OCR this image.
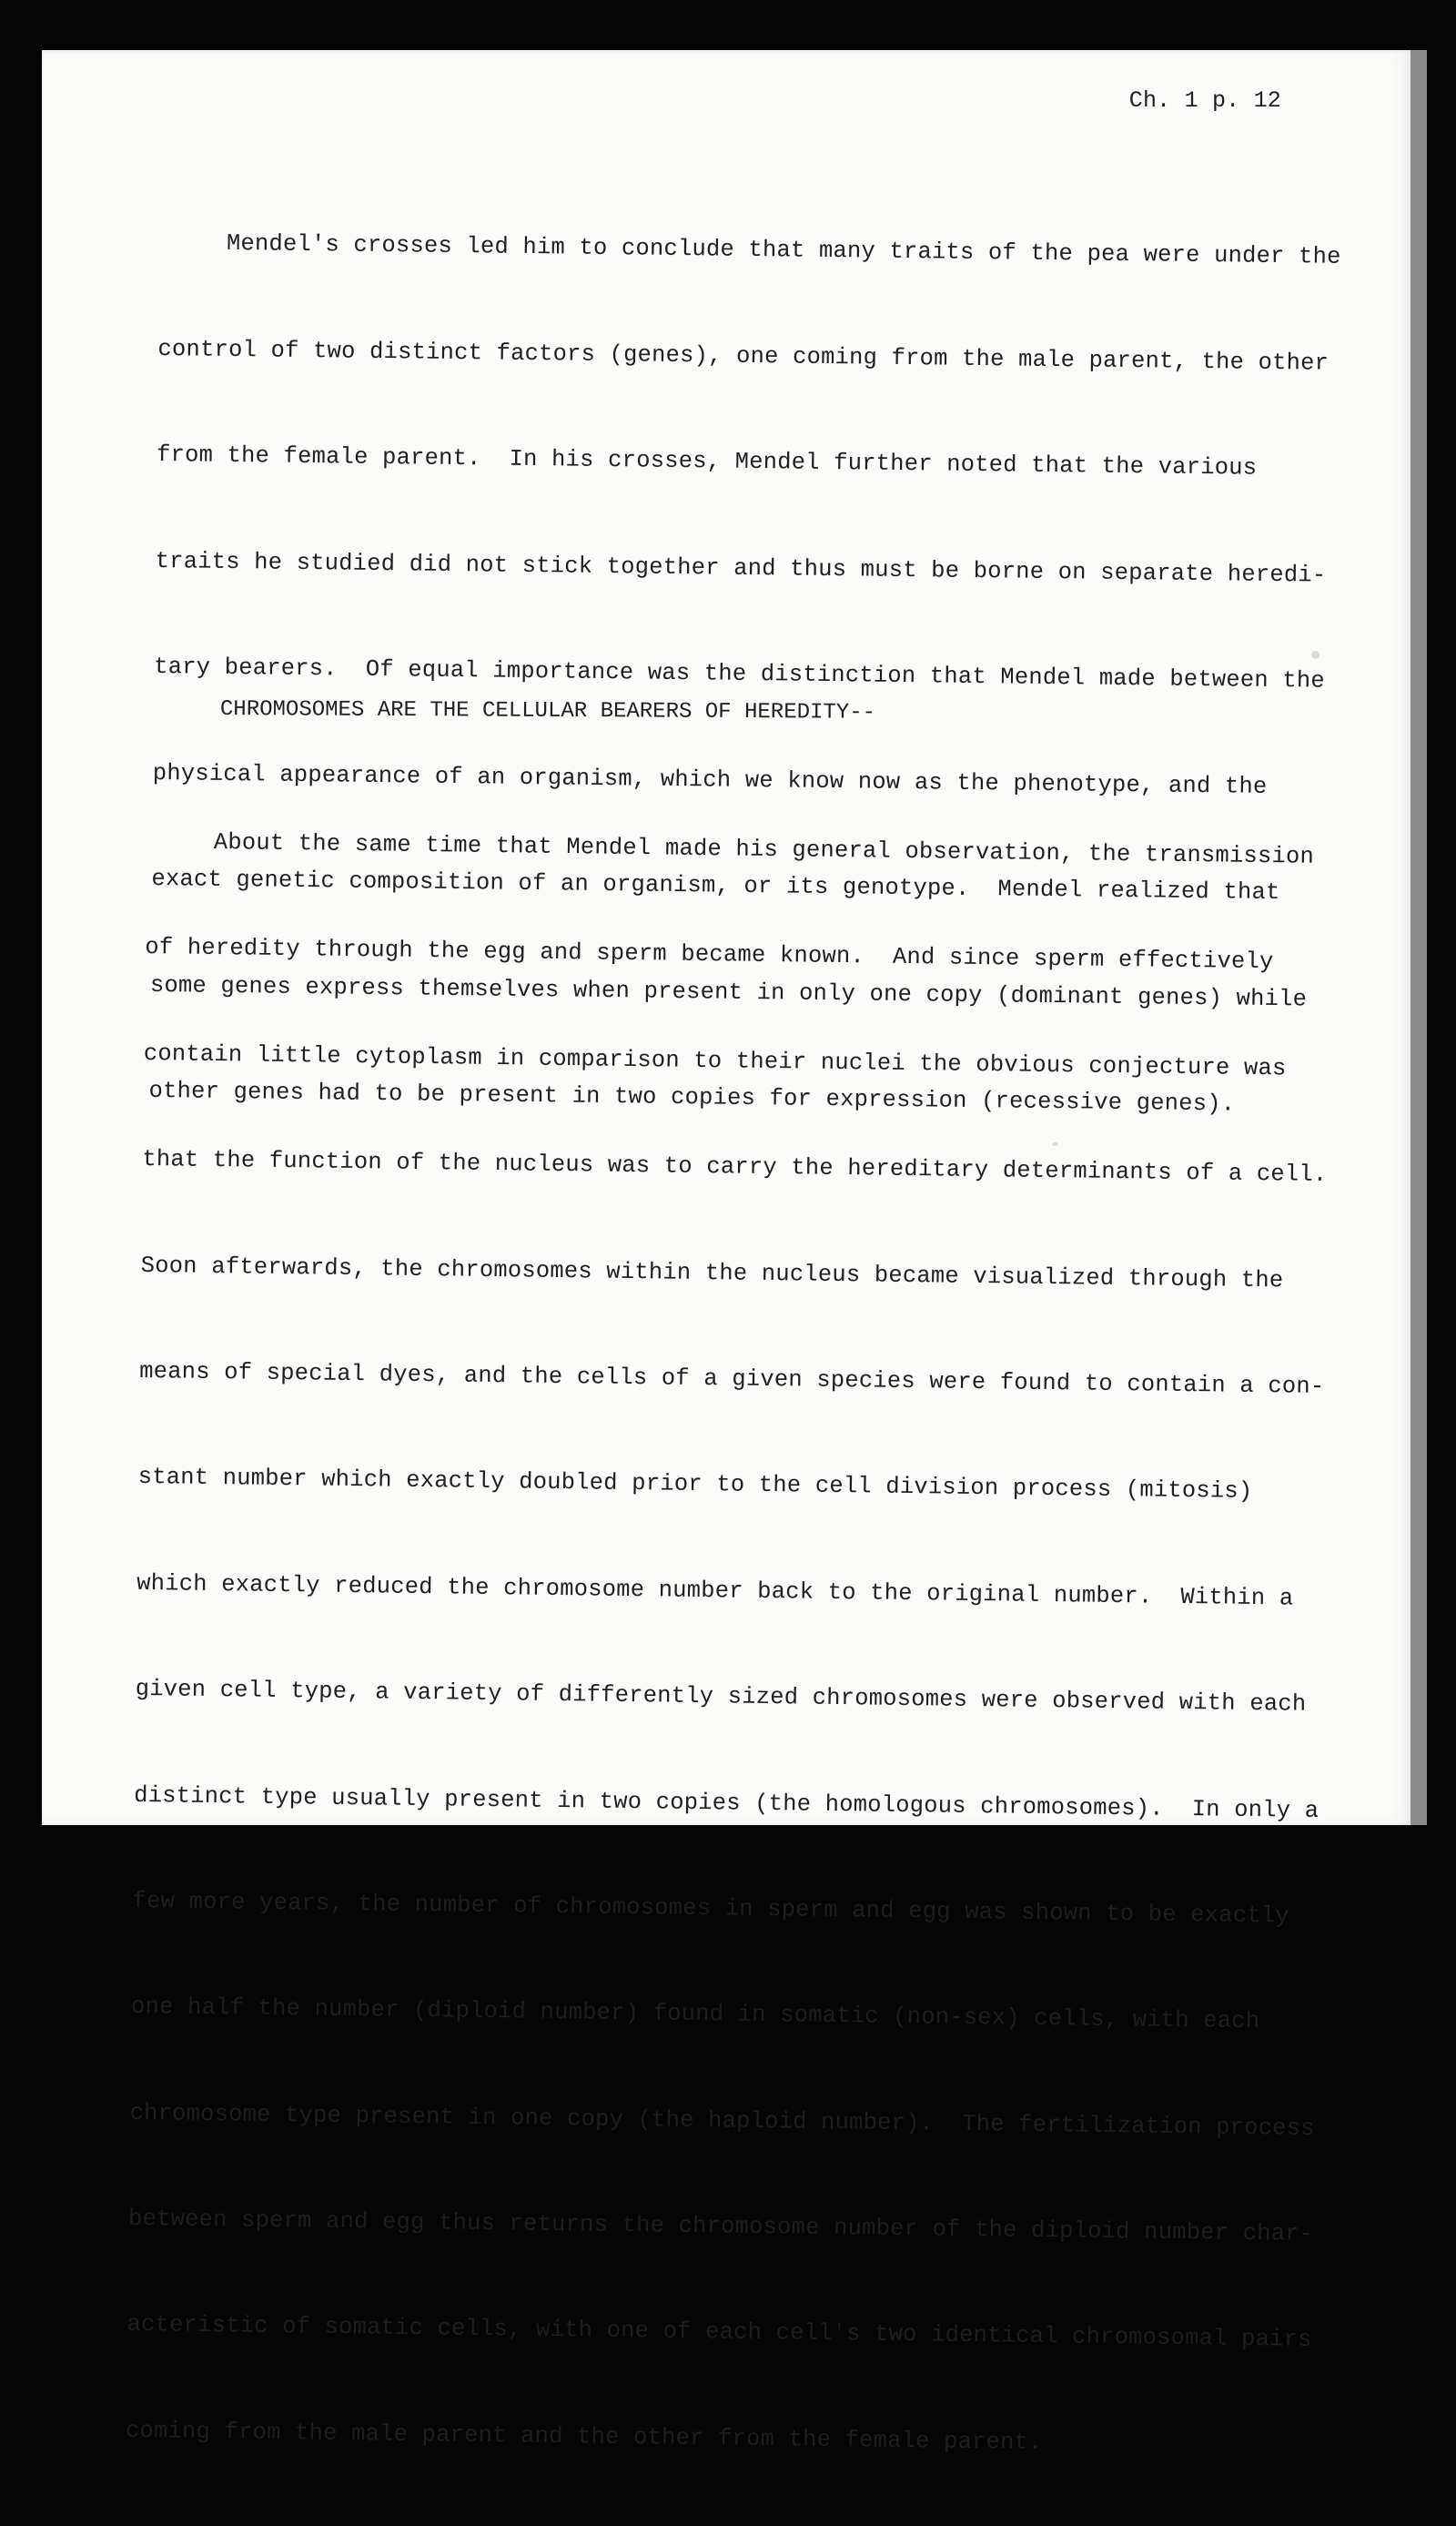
Ch. 1 p. 12

Mendel's crosses led him to conclude that many traits of the pea were under the

control of two distinct factors (genes), one coming from the male parent, the other

from the female parent.  In his crosses, Mendel further noted that the various

traits he studied did not stick together and thus must be borne on separate heredi-

tary bearers.  Of equal importance was the distinction that Mendel made between the

physical appearance of an organism, which we know now as the phenotype, and the

exact genetic composition of an organism, or its genotype.  Mendel realized that

some genes express themselves when present in only one copy (dominant genes) while

other genes had to be present in two copies for expression (recessive genes).

CHROMOSOMES ARE THE CELLULAR BEARERS OF HEREDITY--

About the same time that Mendel made his general observation, the transmission

of heredity through the egg and sperm became known.  And since sperm effectively

contain little cytoplasm in comparison to their nuclei the obvious conjecture was

that the function of the nucleus was to carry the hereditary determinants of a cell.

Soon afterwards, the chromosomes within the nucleus became visualized through the

means of special dyes, and the cells of a given species were found to contain a con-

stant number which exactly doubled prior to the cell division process (mitosis)

which exactly reduced the chromosome number back to the original number.  Within a

given cell type, a variety of differently sized chromosomes were observed with each

distinct type usually present in two copies (the homologous chromosomes).  In only a

few more years, the number of chromosomes in sperm and egg was shown to be exactly

one half the number (diploid number) found in somatic (non-sex) cells, with each

chromosome type present in one copy (the haploid number).  The fertilization process

between sperm and egg thus returns the chromosome number of the diploid number char-

acteristic of somatic cells, with one of each cell's two identical chromosomal pairs

coming from the male parent and the other from the female parent.
